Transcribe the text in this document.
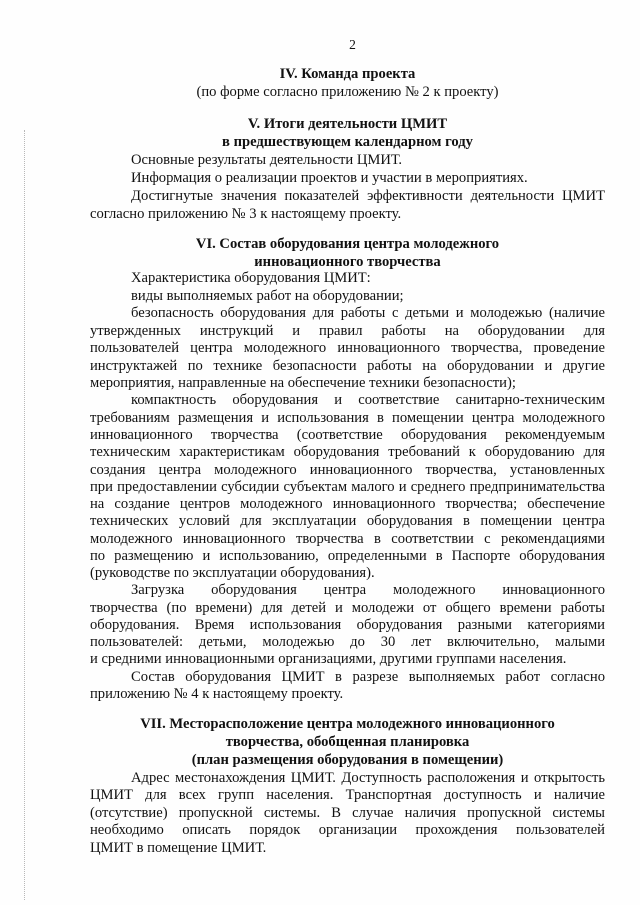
2
IV. Команда проекта
(по форме согласно приложению № 2 к проекту)
V. Итоги деятельности ЦМИТ
в предшествующем календарном году
Основные результаты деятельности ЦМИТ.
Информация о реализации проектов и участии в мероприятиях.
Достигнутые значения показателей эффективности деятельности ЦМИТ
согласно приложению № 3 к настоящему проекту.
VI. Состав оборудования центра молодежного
инновационного творчества
Характеристика оборудования ЦМИТ:
виды выполняемых работ на оборудовании;
безопасность оборудования для работы с детьми и молодежью (наличие
утвержденных инструкций и правил работы на оборудовании для
пользователей центра молодежного инновационного творчества, проведение
инструктажей по технике безопасности работы на оборудовании и другие
мероприятия, направленные на обеспечение техники безопасности);
компактность оборудования и соответствие санитарно-техническим
требованиям размещения и использования в помещении центра молодежного
инновационного творчества (соответствие оборудования рекомендуемым
техническим характеристикам оборудования требований к оборудованию для
создания центра молодежного инновационного творчества, установленных
при предоставлении субсидии субъектам малого и среднего предпринимательства
на создание центров молодежного инновационного творчества; обеспечение
технических условий для эксплуатации оборудования в помещении центра
молодежного инновационного творчества в соответствии с рекомендациями
по размещению и использованию, определенными в Паспорте оборудования
(руководстве по эксплуатации оборудования).
Загрузка оборудования центра молодежного инновационного
творчества (по времени) для детей и молодежи от общего времени работы
оборудования. Время использования оборудования разными категориями
пользователей: детьми, молодежью до 30 лет включительно, малыми
и средними инновационными организациями, другими группами населения.
Состав оборудования ЦМИТ в разрезе выполняемых работ согласно
приложению № 4 к настоящему проекту.
VII. Месторасположение центра молодежного инновационного
творчества, обобщенная планировка
(план размещения оборудования в помещении)
Адрес местонахождения ЦМИТ. Доступность расположения и открытость
ЦМИТ для всех групп населения. Транспортная доступность и наличие
(отсутствие) пропускной системы. В случае наличия пропускной системы
необходимо описать порядок организации прохождения пользователей
ЦМИТ в помещение ЦМИТ.
